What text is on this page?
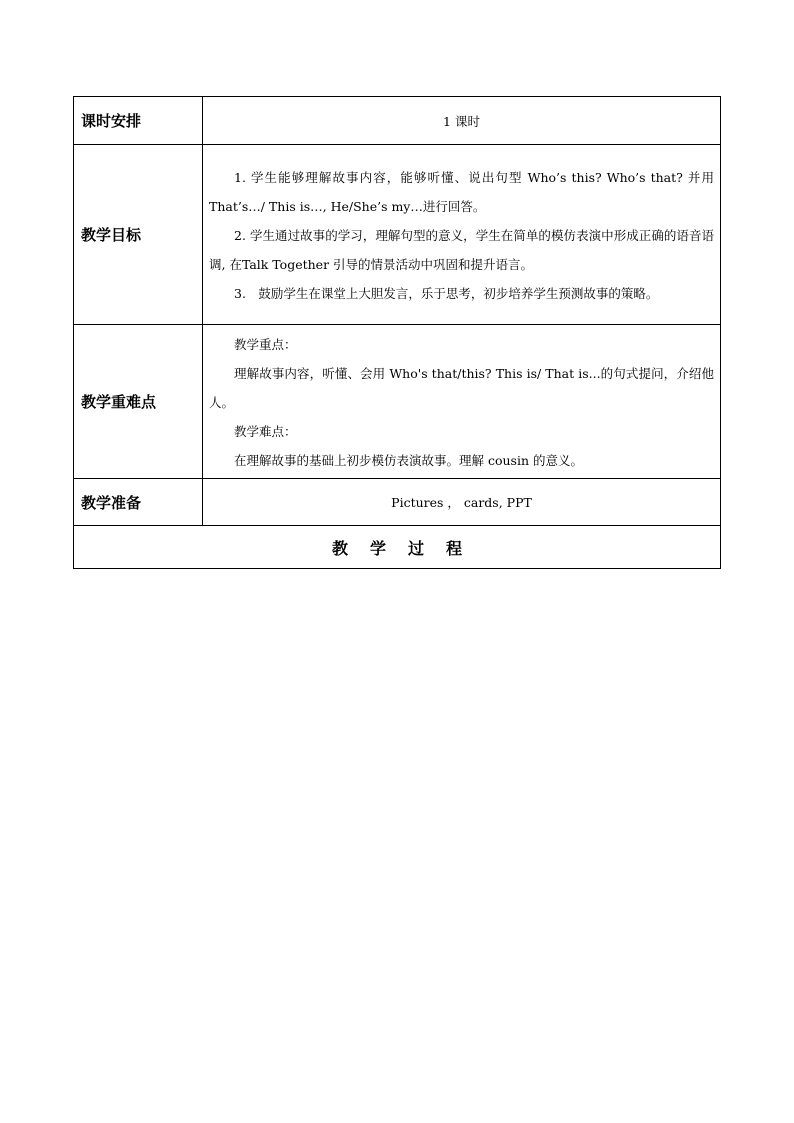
课时安排	1 课时
教学目标	1. 学生能够理解故事内容，能够听懂、说出句型 Who’s this? Who’s that? 并用 That’s…/ This is…, He/She’s my…进行回答。

2. 学生通过故事的学习，理解句型的意义，学生在简单的模仿表演中形成正确的语音语调, 在Talk Together 引导的情景活动中巩固和提升语言。

3.　鼓励学生在课堂上大胆发言，乐于思考，初步培养学生预测故事的策略。

教学重难点	教学重点：

理解故事内容，听懂、会用 Who's that/this? This is/ That is...的句式提问，介绍他人。

教学难点：

在理解故事的基础上初步模仿表演故事。理解 cousin 的意义。

教学准备	Pictures ， cards, PPT
教学过程	
